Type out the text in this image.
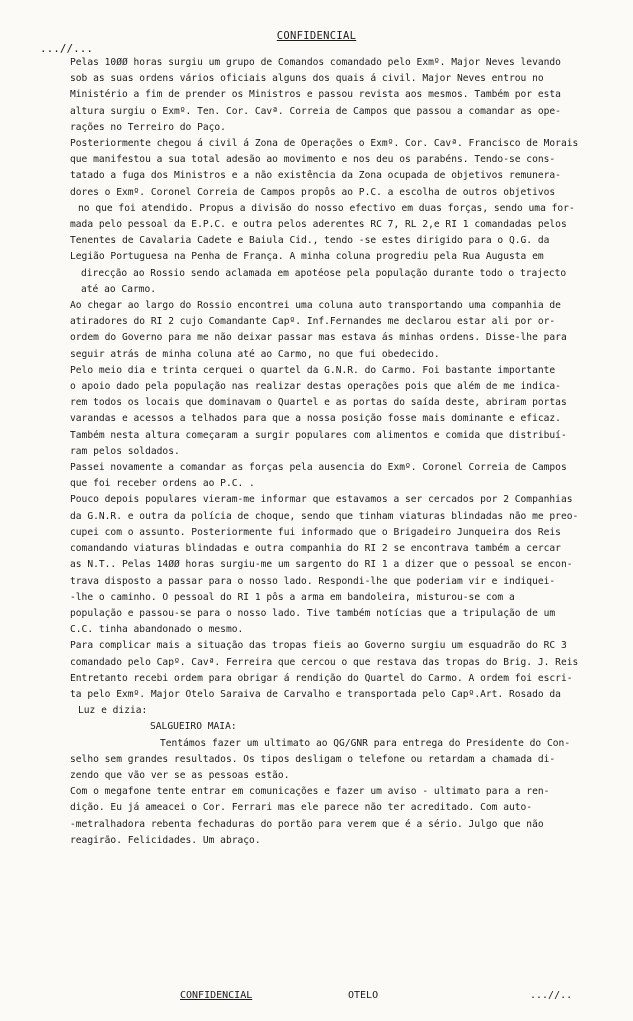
CONFIDENCIAL
...//...

Pelas 10ØØ horas surgiu um grupo de Comandos comandado pelo Exmº. Major Neves levando

sob as suas ordens vários oficiais alguns dos quais á civil. Major Neves entrou no

Ministério a fim de prender os Ministros e passou revista aos mesmos. Também por esta

altura surgiu o Exmº. Ten. Cor. Cavª. Correia de Campos que passou a comandar as ope-

rações no Terreiro do Paço.

Posteriormente chegou á civil á Zona de Operações o Exmº. Cor. Cavª. Francisco de Morais

que manifestou a sua total adesão ao movimento e nos deu os parabéns. Tendo-se cons-

tatado a fuga dos Ministros e a não existência da Zona ocupada de objetivos remunera-

dores o Exmº. Coronel Correia de Campos propôs ao P.C. a escolha de outros objetivos

no que foi atendido. Propus a divisão do nosso efectivo em duas forças, sendo uma for-

mada pelo pessoal da E.P.C. e outra pelos aderentes RC 7, RL 2,e RI 1 comandadas pelos

Tenentes de Cavalaria Cadete e Baiula Cid., tendo -se estes dirigido para o Q.G. da

Legião Portuguesa na Penha de França. A minha coluna progrediu pela Rua Augusta em

direcção ao Rossio sendo aclamada em apotéose pela população durante todo o trajecto

até ao Carmo.

Ao chegar ao largo do Rossio encontrei uma coluna auto transportando uma companhia de

atiradores do RI 2 cujo Comandante Capº. Inf.Fernandes me declarou estar ali por or-

ordem do Governo para me não deixar passar mas estava ás minhas ordens. Disse-lhe para

seguir atrás de minha coluna até ao Carmo, no que fui obedecido.

Pelo meio dia e trinta cerquei o quartel da G.N.R. do Carmo. Foi bastante importante

o apoio dado pela população nas realizar destas operações pois que além de me indica-

rem todos os locais que dominavam o Quartel e as portas do saída deste, abriram portas

varandas e acessos a telhados para que a nossa posição fosse mais dominante e eficaz.

Também nesta altura começaram a surgir populares com alimentos e comida que distribuí-

ram pelos soldados.

Passei novamente a comandar as forças pela ausencia do Exmº. Coronel Correia de Campos

que foi receber ordens ao P.C. .

Pouco depois populares vieram-me informar que estavamos a ser cercados por 2 Companhias

da G.N.R. e outra da polícia de choque, sendo que tinham viaturas blindadas não me preo-

cupei com o assunto. Posteriormente fui informado que o Brigadeiro Junqueira dos Reis

comandando viaturas blindadas e outra companhia do RI 2 se encontrava também a cercar

as N.T.. Pelas 14ØØ horas surgiu-me um sargento do RI 1 a dizer que o pessoal se encon-

trava disposto a passar para o nosso lado. Respondi-lhe que poderiam vir e indiquei-

-lhe o caminho. O pessoal do RI 1 pôs a arma em bandoleira, misturou-se com a

população e passou-se para o nosso lado. Tive também notícias que a tripulação de um

C.C. tinha abandonado o mesmo.

Para complicar mais a situação das tropas fieis ao Governo surgiu um esquadrão do RC 3

comandado pelo Capº. Cavª. Ferreira que cercou o que restava das tropas do Brig. J. Reis

Entretanto recebi ordem para obrigar á rendição do Quartel do Carmo. A ordem foi escri-

ta pelo Exmº. Major Otelo Saraiva de Carvalho e transportada pelo Capº.Art. Rosado da

Luz e dizia:

SALGUEIRO MAIA:

Tentámos fazer um ultimato ao QG/GNR para entrega do Presidente do Con-

selho sem grandes resultados. Os tipos desligam o telefone ou retardam a chamada di-

zendo que vão ver se as pessoas estão.

Com o megafone tente entrar em comunicações e fazer um aviso - ultimato para a ren-

dição. Eu já ameacei o Cor. Ferrari mas ele parece não ter acreditado. Com auto-

-metralhadora rebenta fechaduras do portão para verem que é a sério. Julgo que não

reagirão. Felicidades. Um abraço.

CONFIDENCIAL	OTELO	...//..
